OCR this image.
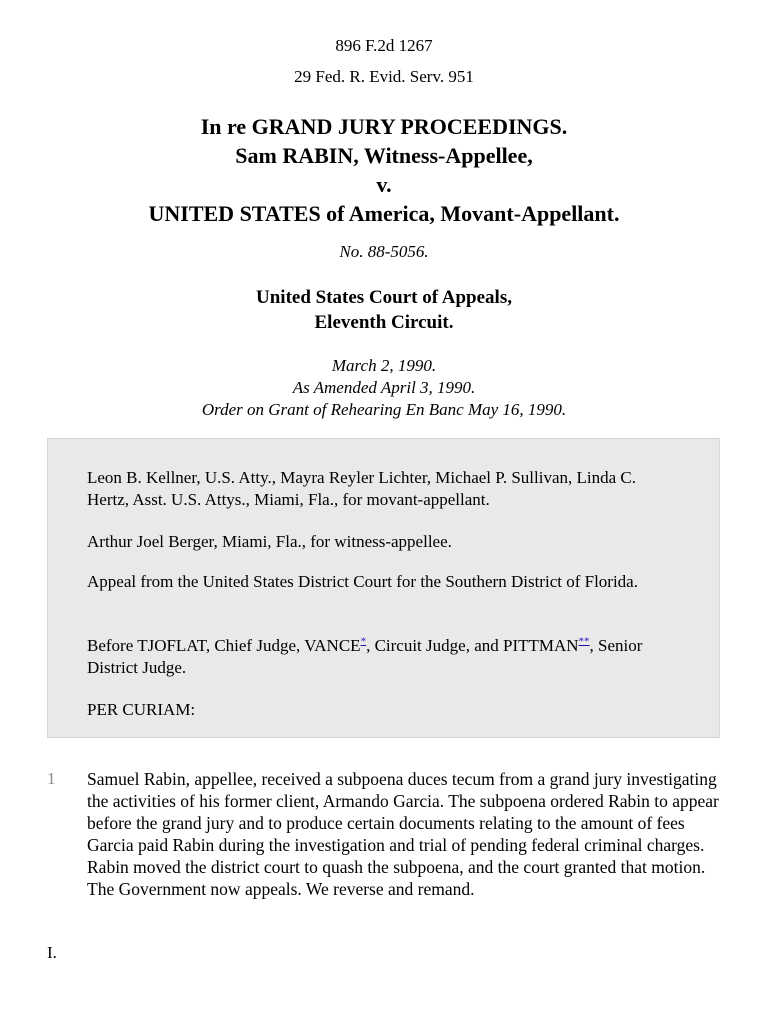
896 F.2d 1267
29 Fed. R. Evid. Serv. 951
In re GRAND JURY PROCEEDINGS.
Sam RABIN, Witness-Appellee,
v.
UNITED STATES of America, Movant-Appellant.
No. 88-5056.
United States Court of Appeals,
Eleventh Circuit.
March 2, 1990.
As Amended April 3, 1990.
Order on Grant of Rehearing En Banc May 16, 1990.

Leon B. Kellner, U.S. Atty., Mayra Reyler Lichter, Michael P. Sullivan, Linda C. Hertz, Asst. U.S. Attys., Miami, Fla., for movant-appellant.

Arthur Joel Berger, Miami, Fla., for witness-appellee.

Appeal from the United States District Court for the Southern District of Florida.

Before TJOFLAT, Chief Judge, VANCE*, Circuit Judge, and PITTMAN**, Senior District Judge.

PER CURIAM:

1 Samuel Rabin, appellee, received a subpoena duces tecum from a grand jury investigating the activities of his former client, Armando Garcia. The subpoena ordered Rabin to appear before the grand jury and to produce certain documents relating to the amount of fees Garcia paid Rabin during the investigation and trial of pending federal criminal charges. Rabin moved the district court to quash the subpoena, and the court granted that motion. The Government now appeals. We reverse and remand.
I.
